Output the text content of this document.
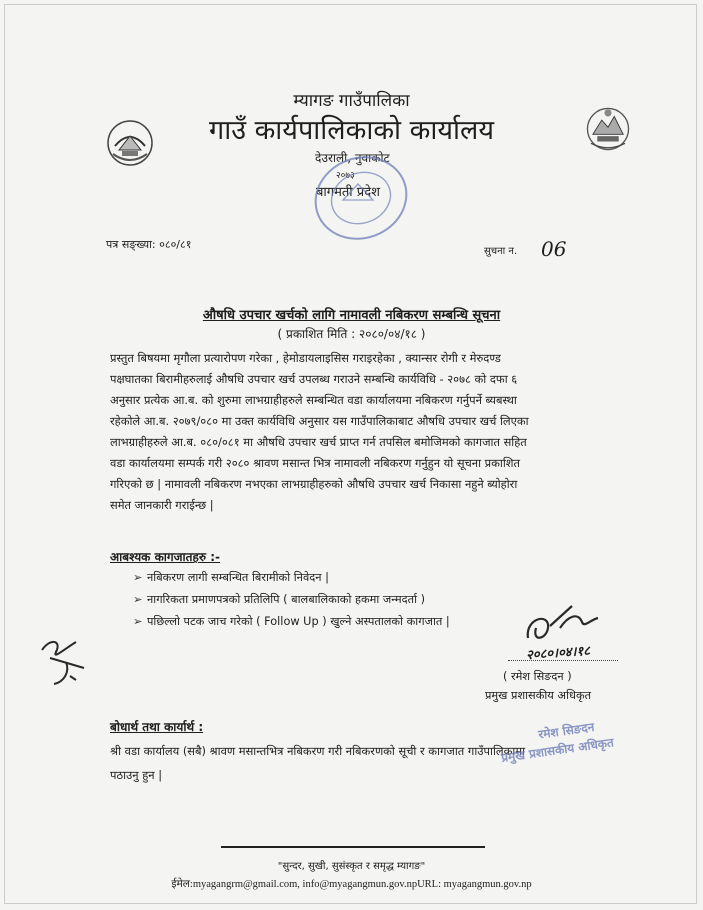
म्यागङ गाउँपालिका
गाउँ कार्यपालिकाको कार्यालय
देउराली, नुवाकोट
२०७३
बागमती प्रदेश
पत्र सङ्ख्या: ०८०/८१
सुचना न. 06
औषधि उपचार खर्चको लागि नामावली नबिकरण सम्बन्धि सूचना
( प्रकाशित मिति : २०८०/०४/१८ )
प्रस्तुत बिषयमा मृगौला प्रत्यारोपण गरेका , हेमोडायलाइसिस गराइरहेका , क्यान्सर रोगी र मेरुदण्ड
पक्षघातका बिरामीहरुलाई औषधि उपचार खर्च उपलब्ध गराउने सम्बन्धि कार्यविधि - २०७८ को दफा ६
अनुसार प्रत्येक आ.ब. को शुरुमा लाभग्राहीहरुले सम्बन्धित वडा कार्यालयमा नबिकरण गर्नुपर्ने ब्यबस्था
रहेकोले आ.ब. २०७९/०८० मा उक्त कार्यविधि अनुसार यस गाउँपालिकाबाट औषधि उपचार खर्च लिएका
लाभग्राहीहरुले आ.ब. ०८०/०८१ मा औषधि उपचार खर्च प्राप्त गर्न तपसिल बमोजिमको कागजात सहित
वडा कार्यालयमा सम्पर्क गरी २०८० श्रावण मसान्त भित्र नामावली नबिकरण गर्नुहुन यो सूचना प्रकाशित
गरिएको छ | नामावली नबिकरण नभएका लाभग्राहीहरुको औषधि उपचार खर्च निकासा नहुने ब्योहोरा
समेत जानकारी गराईन्छ |
आबश्यक कागजातहरु :-
➢ नबिकरण लागी सम्बन्धित बिरामीको निवेदन |
➢ नागरिकता प्रमाणपत्रको प्रतिलिपि ( बालबालिकाको हकमा जन्मदर्ता )
➢ पछिल्लो पटक जाच गरेको ( Follow Up ) खुल्ने अस्पतालको कागजात |
२०८०।०४।१८
( रमेश सिङदन )
प्रमुख प्रशासकीय अधिकृत
बोधार्थ तथा कार्यार्थ :
श्री वडा कार्यालय (सबै) श्रावण मसान्तभित्र नबिकरण गरी नबिकरणको सूची र कागजात गाउँपालिकामा
पठाउनु हुन |
रमेश सिङदन
प्रमुख प्रशासकीय अधिकृत
"सुन्दर, सुखी, सुसंस्कृत र समृद्ध म्यागङ"
ईमेल:myagangrm@gmail.com, info@myagangmun.gov.npURL: myagangmun.gov.np
